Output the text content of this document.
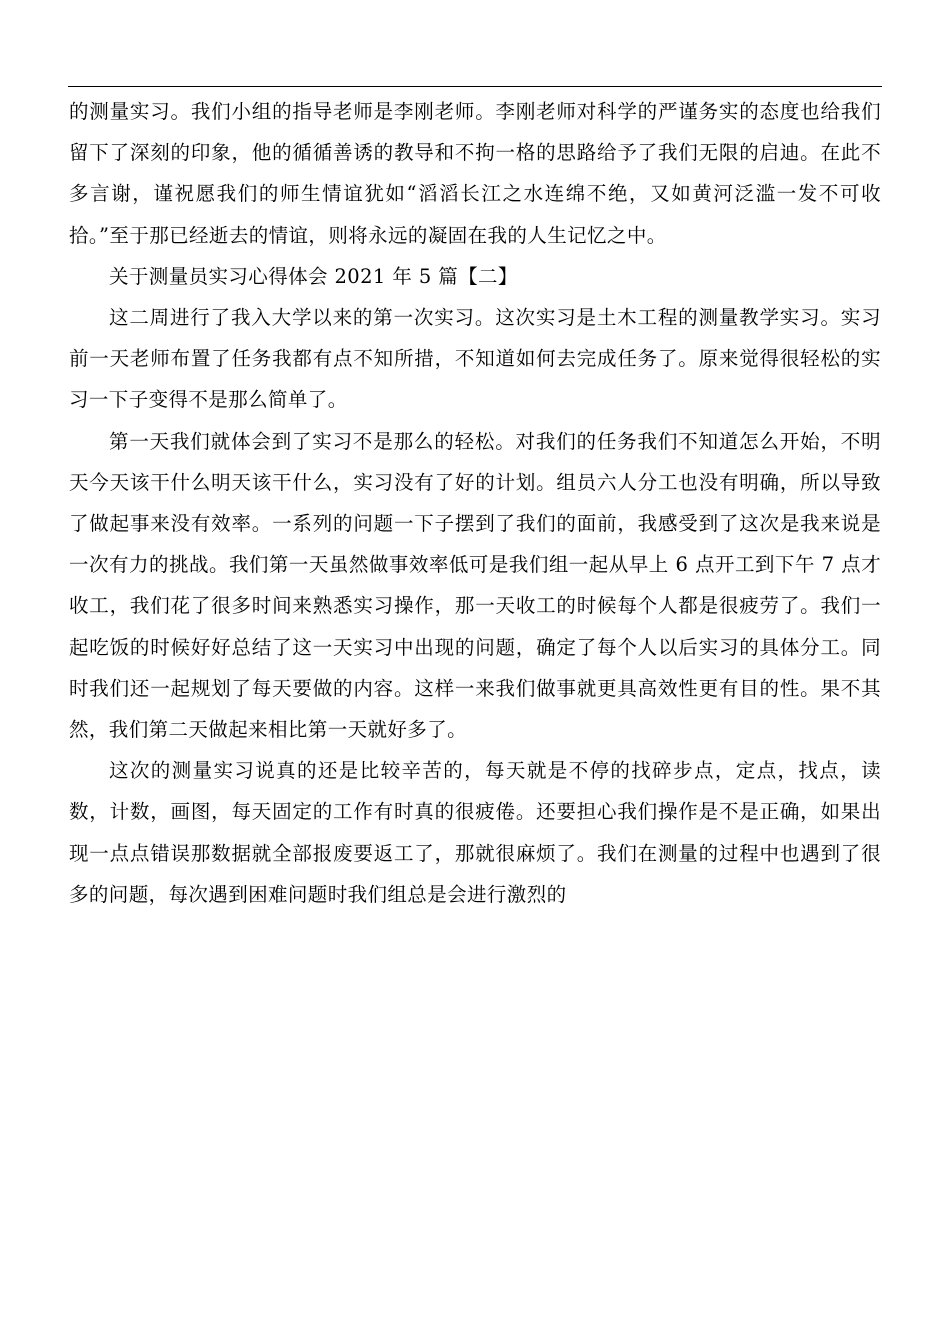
的测量实习。我们小组的指导老师是李刚老师。李刚老师对科学的严谨务实的态度也给我们留下了深刻的印象，他的循循善诱的教导和不拘一格的思路给予了我们无限的启迪。在此不多言谢，谨祝愿我们的师生情谊犹如“滔滔长江之水连绵不绝，又如黄河泛滥一发不可收拾。”至于那已经逝去的情谊，则将永远的凝固在我的人生记忆之中。

关于测量员实习心得体会 2021 年 5 篇【二】

这二周进行了我入大学以来的第一次实习。这次实习是土木工程的测量教学实习。实习前一天老师布置了任务我都有点不知所措，不知道如何去完成任务了。原来觉得很轻松的实习一下子变得不是那么简单了。

第一天我们就体会到了实习不是那么的轻松。对我们的任务我们不知道怎么开始，不明天今天该干什么明天该干什么，实习没有了好的计划。组员六人分工也没有明确，所以导致了做起事来没有效率。一系列的问题一下子摆到了我们的面前，我感受到了这次是我来说是一次有力的挑战。我们第一天虽然做事效率低可是我们组一起从早上 6 点开工到下午 7 点才收工，我们花了很多时间来熟悉实习操作，那一天收工的时候每个人都是很疲劳了。我们一起吃饭的时候好好总结了这一天实习中出现的问题，确定了每个人以后实习的具体分工。同时我们还一起规划了每天要做的内容。这样一来我们做事就更具高效性更有目的性。果不其然，我们第二天做起来相比第一天就好多了。

这次的测量实习说真的还是比较辛苦的，每天就是不停的找碎步点，定点，找点，读数，计数，画图，每天固定的工作有时真的很疲倦。还要担心我们操作是不是正确，如果出现一点点错误那数据就全部报废要返工了，那就很麻烦了。我们在测量的过程中也遇到了很多的问题，每次遇到困难问题时我们组总是会进行激烈的
